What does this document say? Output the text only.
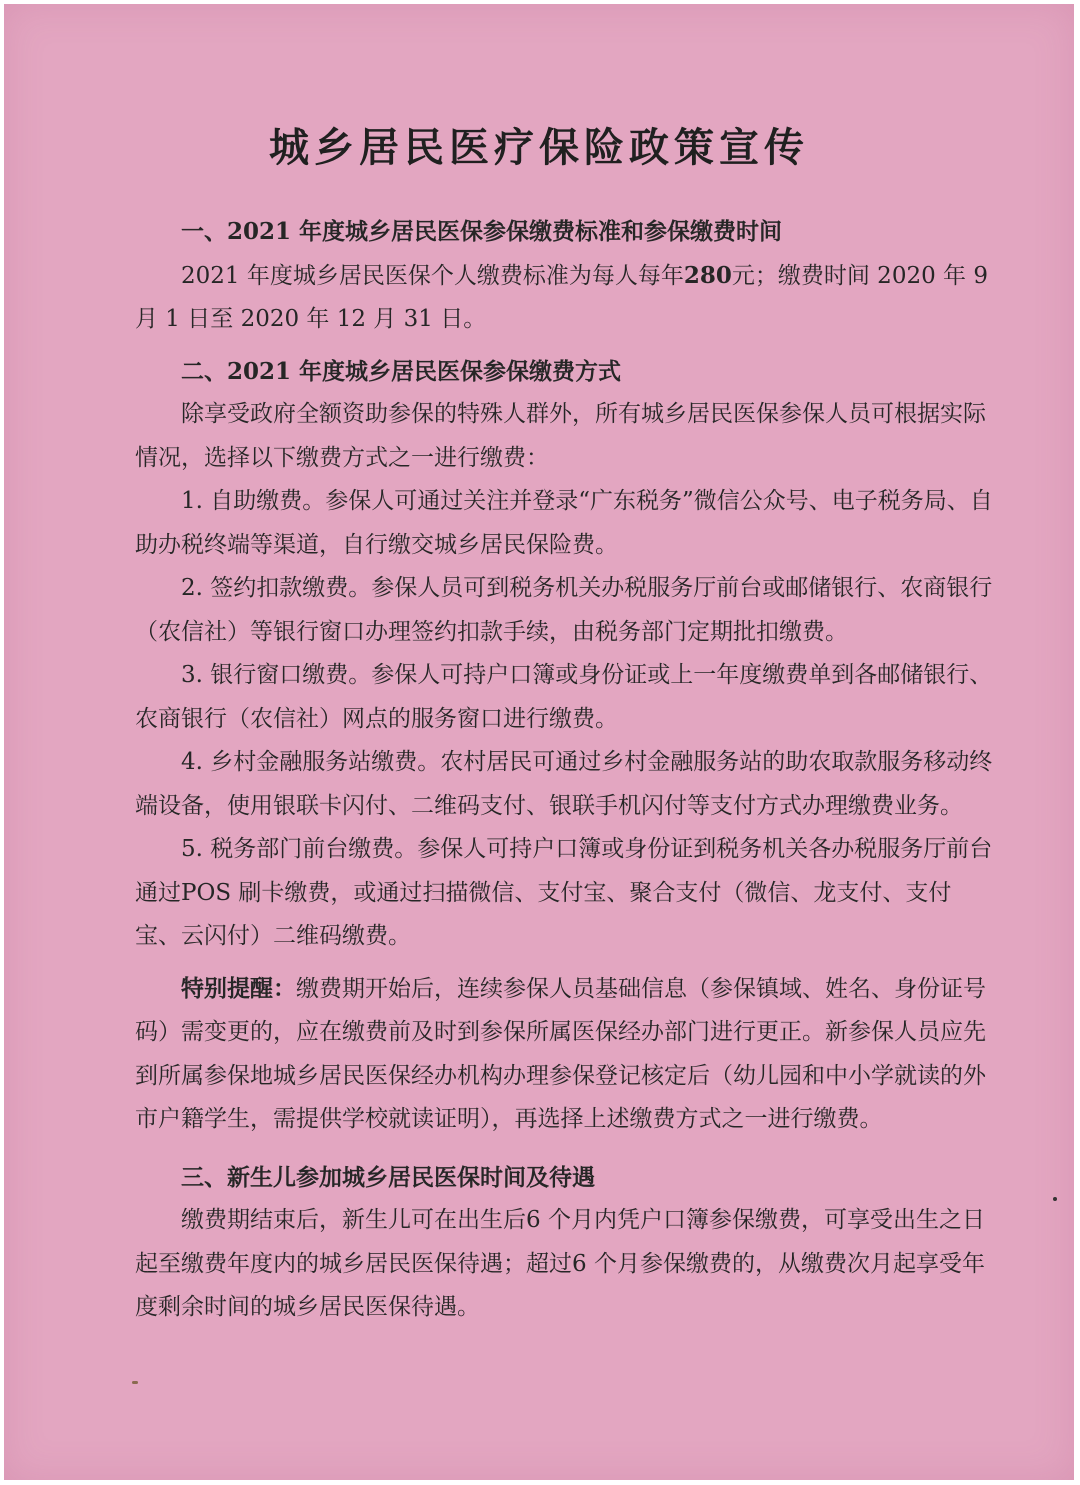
城乡居民医疗保险政策宣传
一、2021 年度城乡居民医保参保缴费标准和参保缴费时间

2021 年度城乡居民医保个人缴费标准为每人每年280元；缴费时间 2020 年 9 月 1 日至 2020 年 12 月 31 日。

二、2021 年度城乡居民医保参保缴费方式

除享受政府全额资助参保的特殊人群外，所有城乡居民医保参保人员可根据实际情况，选择以下缴费方式之一进行缴费：

1. 自助缴费。参保人可通过关注并登录“广东税务”微信公众号、电子税务局、自助办税终端等渠道，自行缴交城乡居民保险费。

2. 签约扣款缴费。参保人员可到税务机关办税服务厅前台或邮储银行、农商银行（农信社）等银行窗口办理签约扣款手续，由税务部门定期批扣缴费。

3. 银行窗口缴费。参保人可持户口簿或身份证或上一年度缴费单到各邮储银行、农商银行（农信社）网点的服务窗口进行缴费。

4. 乡村金融服务站缴费。农村居民可通过乡村金融服务站的助农取款服务移动终端设备，使用银联卡闪付、二维码支付、银联手机闪付等支付方式办理缴费业务。

5. 税务部门前台缴费。参保人可持户口簿或身份证到税务机关各办税服务厅前台通过POS 刷卡缴费，或通过扫描微信、支付宝、聚合支付（微信、龙支付、支付宝、云闪付）二维码缴费。

特别提醒：缴费期开始后，连续参保人员基础信息（参保镇域、姓名、身份证号码）需变更的，应在缴费前及时到参保所属医保经办部门进行更正。新参保人员应先到所属参保地城乡居民医保经办机构办理参保登记核定后（幼儿园和中小学就读的外市户籍学生，需提供学校就读证明），再选择上述缴费方式之一进行缴费。

三、新生儿参加城乡居民医保时间及待遇

缴费期结束后，新生儿可在出生后6 个月内凭户口簿参保缴费，可享受出生之日起至缴费年度内的城乡居民医保待遇；超过6 个月参保缴费的，从缴费次月起享受年度剩余时间的城乡居民医保待遇。
